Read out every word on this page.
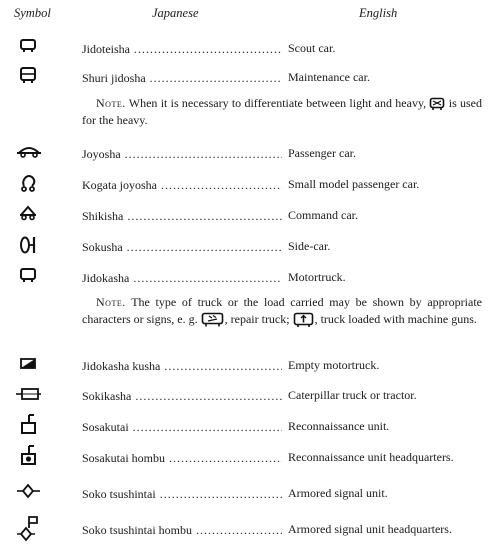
Symbol	Japanese	English
Jidoteisha .....	Scout car.
Shuri jidosha .....	Maintenance car.
Note. When it is necessary to differentiate between light and heavy, is used for the heavy.
Joyosha .....	Passenger car.
Kogata joyosha .....	Small model passenger car.
Shikisha .....	Command car.
Sokusha .....	Side-car.
Jidokasha .....	Motortruck.
Note. The type of truck or the load carried may be shown by appropriate characters or signs, e. g. , repair truck; , truck loaded with machine guns.
Jidokasha kusha .....	Empty motortruck.
Sokikasha .....	Caterpillar truck or tractor.
Sosakutai .....	Reconnaissance unit.
Sosakutai hombu .....	Reconnaissance unit headquarters.
Soko tsushintai .....	Armored signal unit.
Soko tsushintai hombu .....	Armored signal unit headquarters.
